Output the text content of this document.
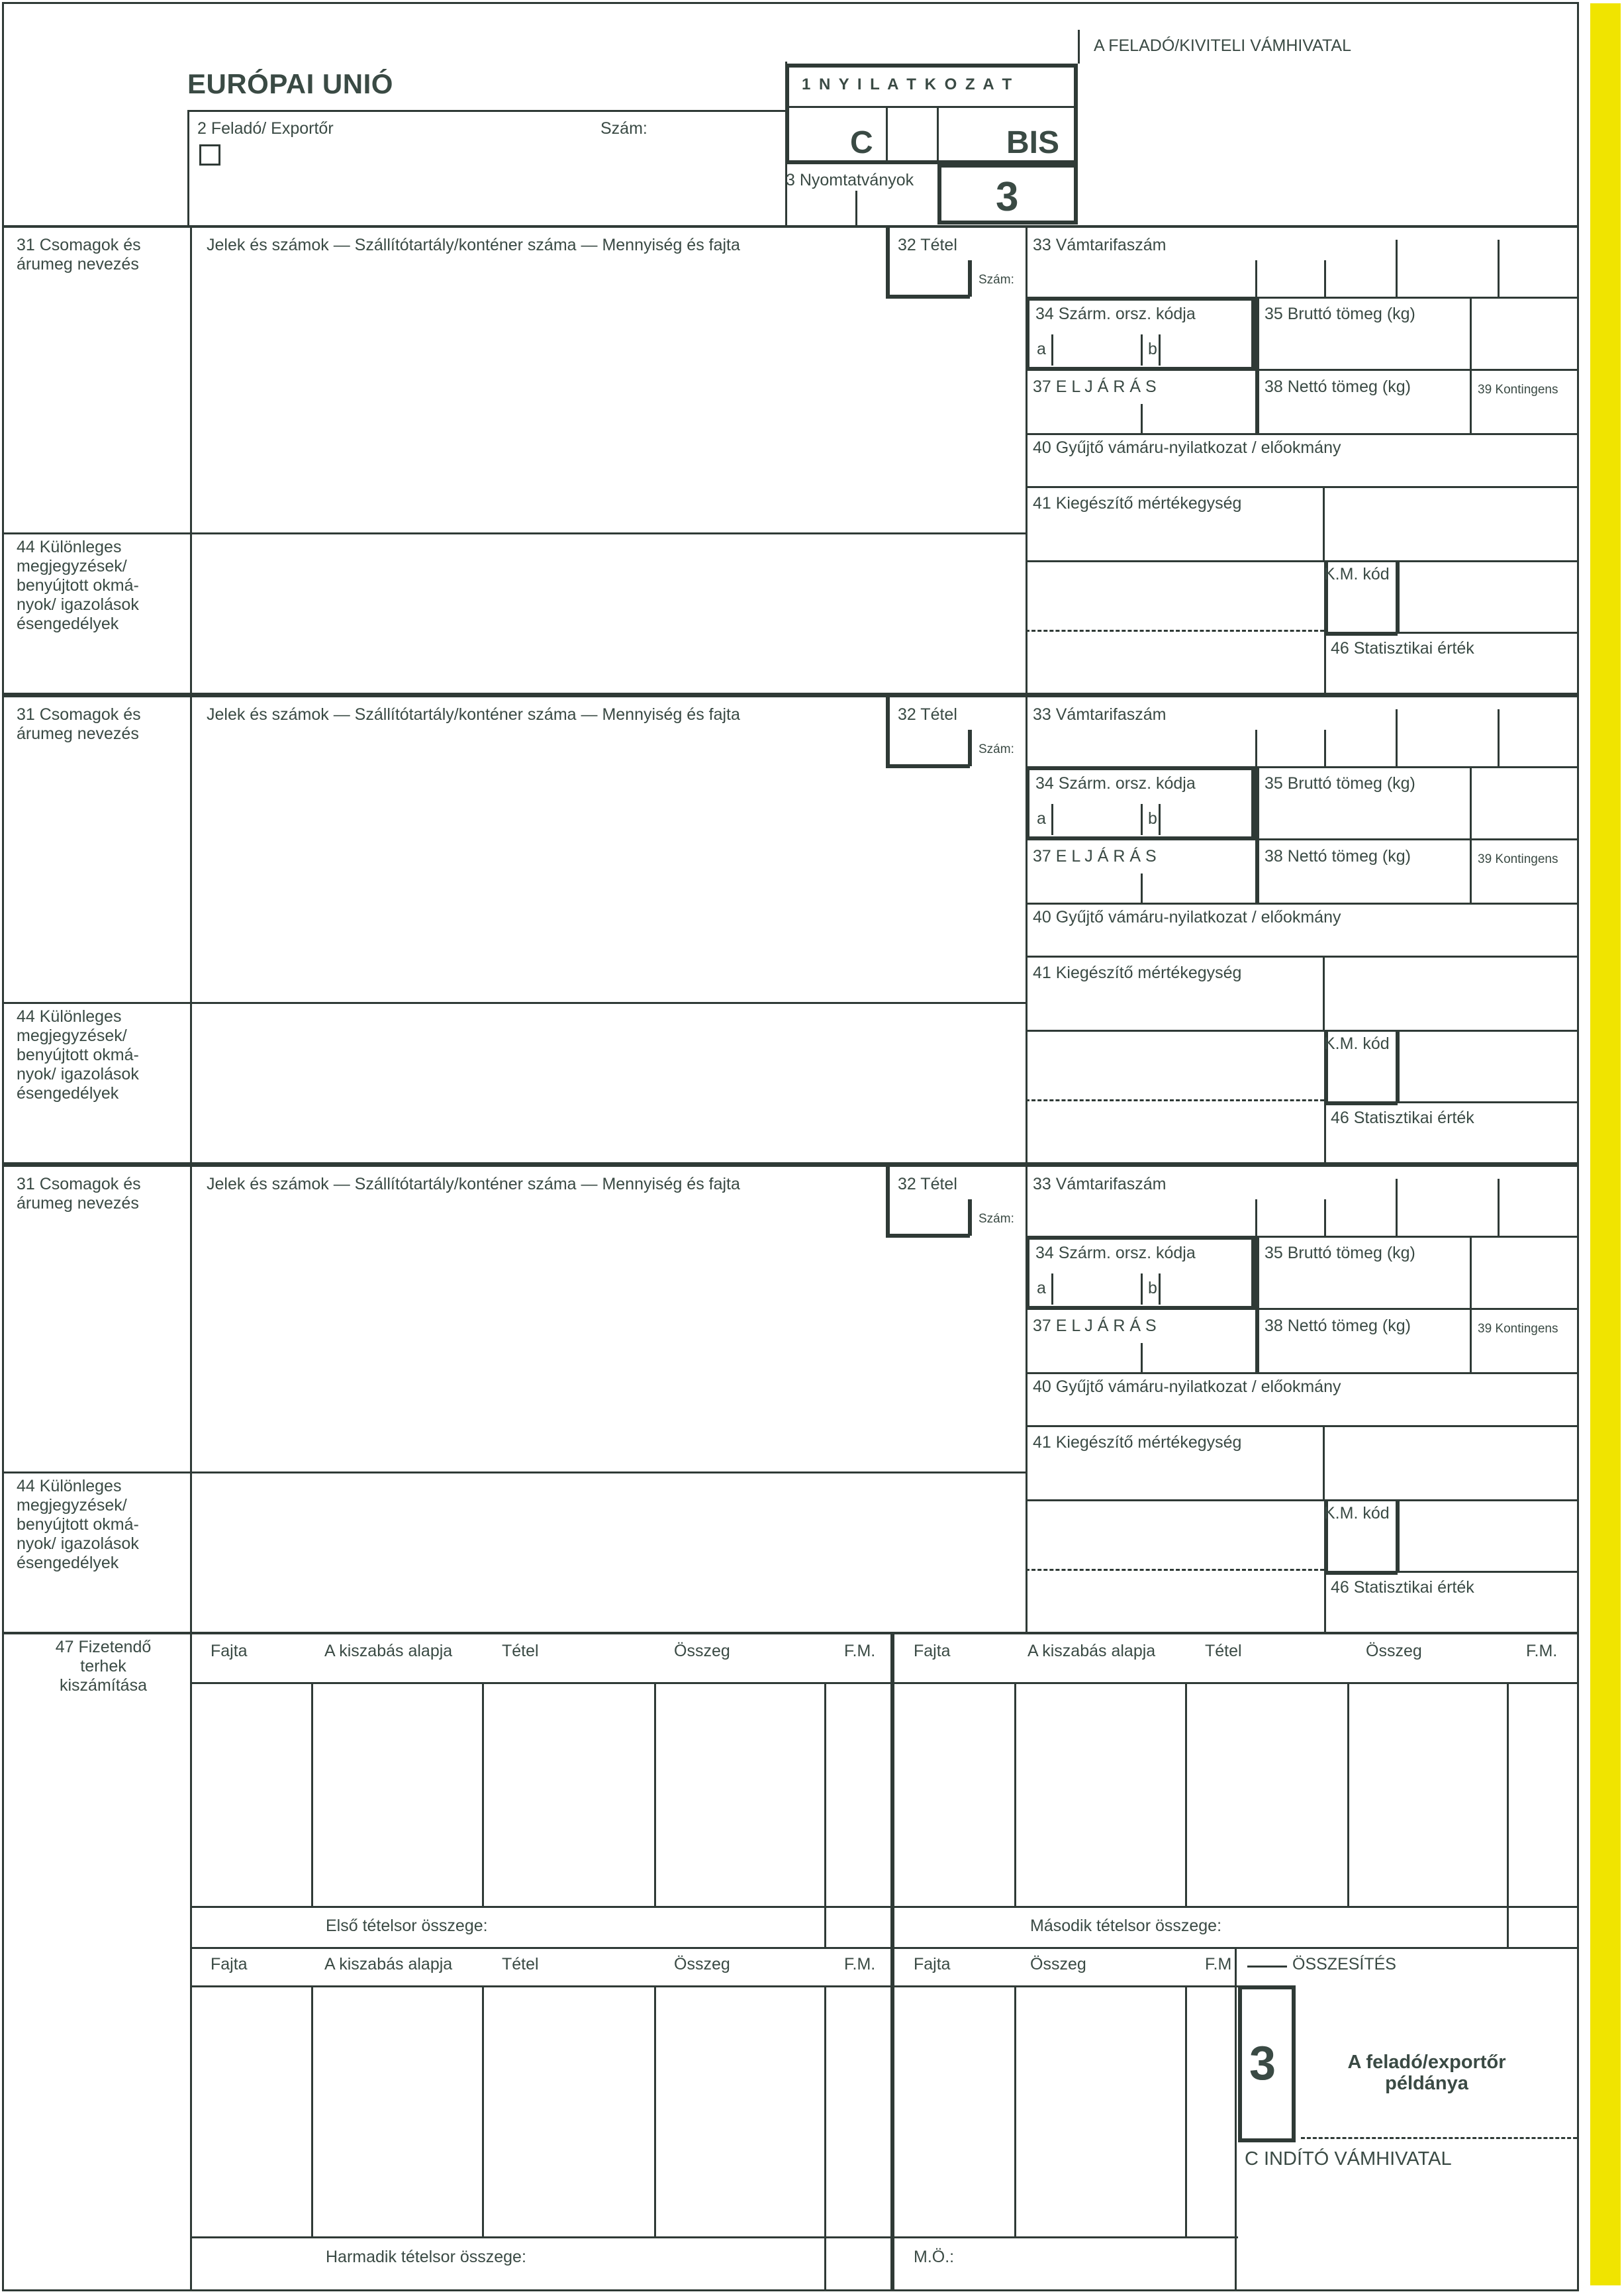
EURÓPAI UNIÓ
A FELADÓ/KIVITELI VÁMHIVATAL
1 N Y I L A T K O Z A T
C	BIS
3 Nyomtatványok 3
2 Feladó/ Exportőr	Szám:
31 Csomagok és árumeg nevezés
Jelek és számok — Szállítótartály/konténer száma — Mennyiség és fajta	32 Tétel
Szám:
33 Vámtarifaszám
34 Szárm. orsz. kódja
a	b
35 Bruttó tömeg (kg)
37 E L J Á R Á S	38 Nettó tömeg (kg)	39 Kontingens
40 Gyűjtő vámáru-nyilatkozat / előokmány
41 Kiegészítő mértékegység
44 Különleges megjegyzések/ benyújtott okmá- nyok/ igazolások ésengedélyek
K.M. kód
46 Statisztikai érték
31 Csomagok és árumeg nevezés
Jelek és számok — Szállítótartály/konténer száma — Mennyiség és fajta	32 Tétel
Szám:
33 Vámtarifaszám
34 Szárm. orsz. kódja
a	b
35 Bruttó tömeg (kg)
37 E L J Á R Á S	38 Nettó tömeg (kg)	39 Kontingens
40 Gyűjtő vámáru-nyilatkozat / előokmány
41 Kiegészítő mértékegység
44 Különleges megjegyzések/ benyújtott okmá- nyok/ igazolások ésengedélyek
K.M. kód
46 Statisztikai érték
31 Csomagok és árumeg nevezés
Jelek és számok — Szállítótartály/konténer száma — Mennyiség és fajta	32 Tétel
Szám:
33 Vámtarifaszám
34 Szárm. orsz. kódja
a	b
35 Bruttó tömeg (kg)
37 E L J Á R Á S	38 Nettó tömeg (kg)	39 Kontingens
40 Gyűjtő vámáru-nyilatkozat / előokmány
41 Kiegészítő mértékegység
44 Különleges megjegyzések/ benyújtott okmá- nyok/ igazolások ésengedélyek
K.M. kód
46 Statisztikai érték
47 Fizetendő terhek kiszámítása
Fajta	A kiszabás alapja	Tétel	Összeg	F.M. Fajta	A kiszabás alapja	Tétel	Összeg	F.M.
Első tételsor összege:	Második tételsor összege:
Fajta	A kiszabás alapja	Tétel	Összeg	F.M. Fajta	Összeg	F.M	ÖSSZESÍTÉS
Harmadik tételsor összege:	M.Ö.:
3	A feladó/exportőr példánya
C INDÍTÓ VÁMHIVATAL
